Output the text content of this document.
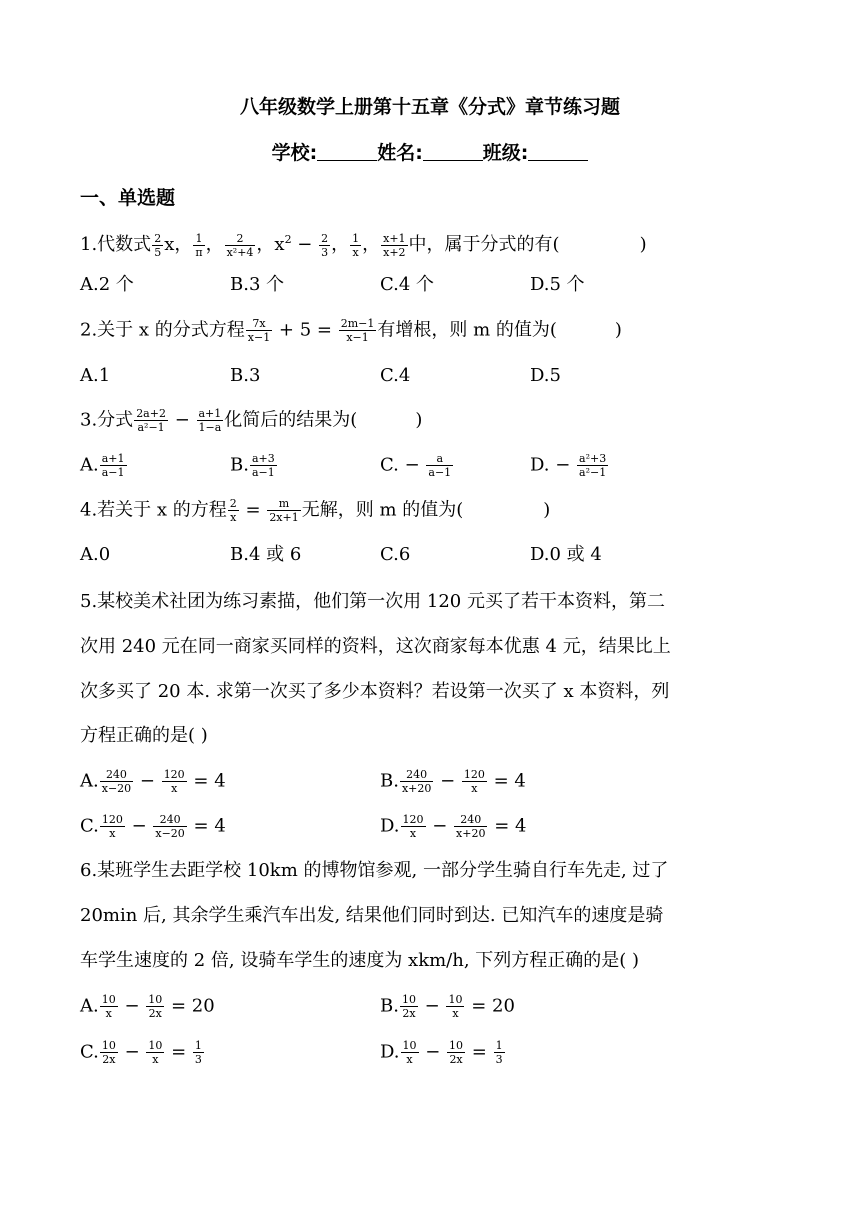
八年级数学上册第十五章《分式》章节练习题
学校:	姓名:	班级:
一、单选题
1.代数式 $\frac{2}{5}$ x， $\frac{1}{\pi}$ ， $\frac{2}{\text{x²+4}}$ ，$x^2 - \frac{2}{3}$ ， $\frac{1}{x}$ ， $\frac{x+1}{x+2}$ 中，属于分式的有(	)
A.2 个	B.3 个	C.4 个	D.5 个
2.关于 x 的分式方程 $\frac{7x}{x-1} + 5 = \frac{2m-1}{x-1}$ 有增根，则 m 的值为(	)
A.1	B.3	C.4	D.5
3.分式 $\frac{2a+2}{\text{a²−1}} - \frac{a+1}{1-a}$ 化简后的结果为(	)
A. $\frac{a+1}{a-1}$	B. $\frac{a+3}{a-1}$	C. − $\frac{a}{a-1}$	D. − $\frac{\text{a²+3}}{\text{a²−1}}$
4.若关于 x 的方程 $\frac{2}{x} = \frac{m}{2x+1}$ 无解，则 m 的值为(	)
A.0	B.4 或 6	C.6	D.0 或 4
5.某校美术社团为练习素描，他们第一次用 120 元买了若干本资料，第二
次用 240 元在同一商家买同样的资料，这次商家每本优惠 4 元，结果比上
次多买了 20 本. 求第一次买了多少本资料？若设第一次买了 x 本资料，列
方程正确的是( )
A. $\frac{240}{x-20} - \frac{120}{x} = 4$	B. $\frac{240}{x+20} - \frac{120}{x} = 4$
C. $\frac{120}{x} - \frac{240}{x-20} = 4$	D. $\frac{120}{x} - \frac{240}{x+20} = 4$
6.某班学生去距学校 10km 的博物馆参观, 一部分学生骑自行车先走, 过了
20min 后, 其余学生乘汽车出发, 结果他们同时到达. 已知汽车的速度是骑
车学生速度的 2 倍, 设骑车学生的速度为 xkm/h, 下列方程正确的是( )
A. $\frac{10}{x} - \frac{10}{2x} = 20$	B. $\frac{10}{2x} - \frac{10}{x} = 20$
C. $\frac{10}{2x} - \frac{10}{x} = \frac{1}{3}$	D. $\frac{10}{x} - \frac{10}{2x} = \frac{1}{3}$
